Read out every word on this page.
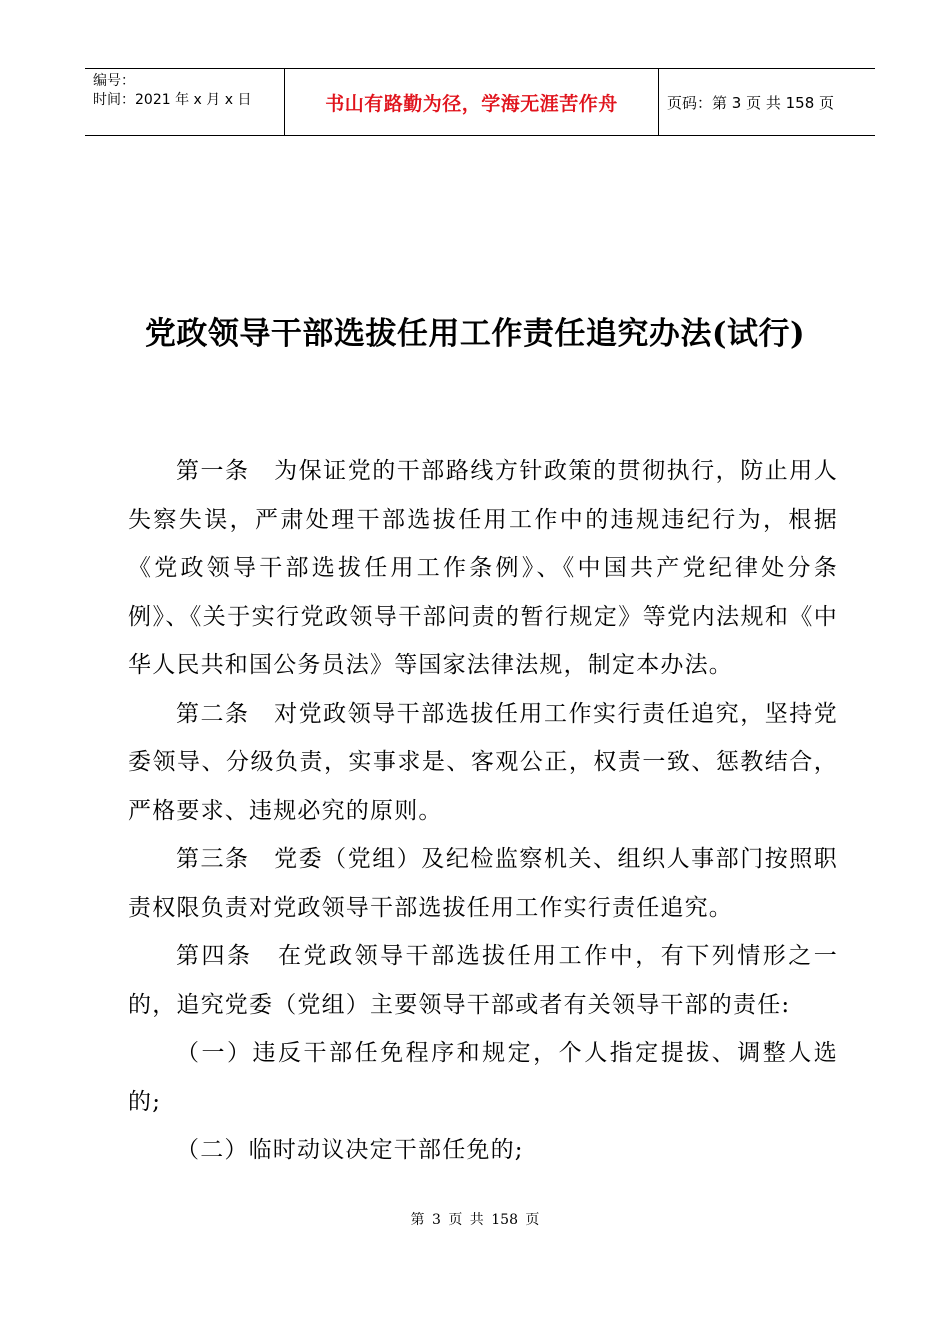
编号：
时间：2021 年 x 月 x 日	书山有路勤为径，学海无涯苦作舟	页码：第 3 页 共 158 页
党政领导干部选拔任用工作责任追究办法(试行)

第一条　为保证党的干部路线方针政策的贯彻执行，防止用人失察失误，严肃处理干部选拔任用工作中的违规违纪行为，根据《党政领导干部选拔任用工作条例》、《中国共产党纪律处分条例》、《关于实行党政领导干部问责的暂行规定》等党内法规和《中华人民共和国公务员法》等国家法律法规，制定本办法。

第二条　对党政领导干部选拔任用工作实行责任追究，坚持党委领导、分级负责，实事求是、客观公正，权责一致、惩教结合，严格要求、违规必究的原则。

第三条　党委（党组）及纪检监察机关、组织人事部门按照职责权限负责对党政领导干部选拔任用工作实行责任追究。

第四条　在党政领导干部选拔任用工作中，有下列情形之一的，追究党委（党组）主要领导干部或者有关领导干部的责任:

（一）违反干部任免程序和规定，个人指定提拔、调整人选的;

（二）临时动议决定干部任免的;

第 3 页 共 158 页
